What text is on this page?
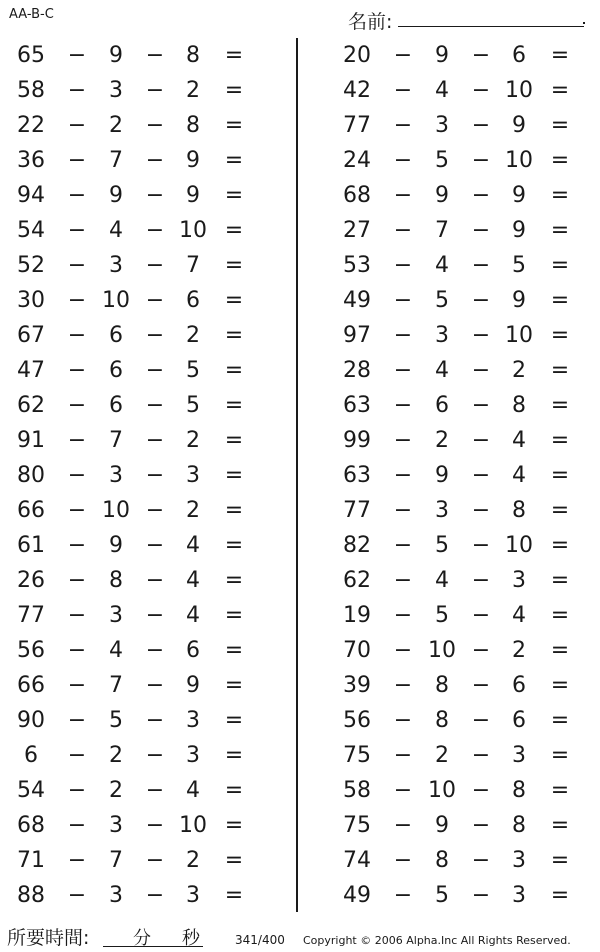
AA-B-C	名前:
65	−	9	− 8	=
58	−	3	− 2	=
22	−	2	− 8	=
36	−	7	− 9	=
94	−	9	− 9	=
54	−	4	− 10 =
52	−	3	− 7	=
30	− 10 − 6	=
67	−	6	− 2	=
47	−	6	− 5	=
62	−	6	− 5	=
91	−	7	− 2	=
80	−	3	− 3	=
66	− 10 − 2	=
61	−	9	− 4	=
26	−	8	− 4	=
77	−	3	− 4	=
56	−	4	− 6	=
66	−	7	− 9	=
90	−	5	− 3	=
6	−	2	− 3	=
54	−	2	− 4	=
68	−	3	− 10 =
71	−	7	− 2	=
88	−	3	− 3	=
20	−	9	− 6	=
42	−	4	− 10 =
77	−	3	− 9	=
24	−	5	− 10 =
68	−	9	− 9	=
27	−	7	− 9	=
53	−	4	− 5	=
49	−	5	− 9	=
97	−	3	− 10 =
28	−	4	− 2	=
63	−	6	− 8	=
99	−	2	− 4	=
63	−	9	− 4	=
77	−	3	− 8	=
82	−	5	− 10 =
62	−	4	− 3	=
19	−	5	− 4	=
70	− 10 − 2	=
39	−	8	− 6	=
56	−	8	− 6	=
75	−	2	− 3	=
58	− 10 − 8	=
75	−	9	− 8	=
74	−	8	− 3	=
49	−	5	− 3	=
所要時間: 分 秒	341/400 Copyright © 2006 Alpha.Inc All Rights Reserved.
